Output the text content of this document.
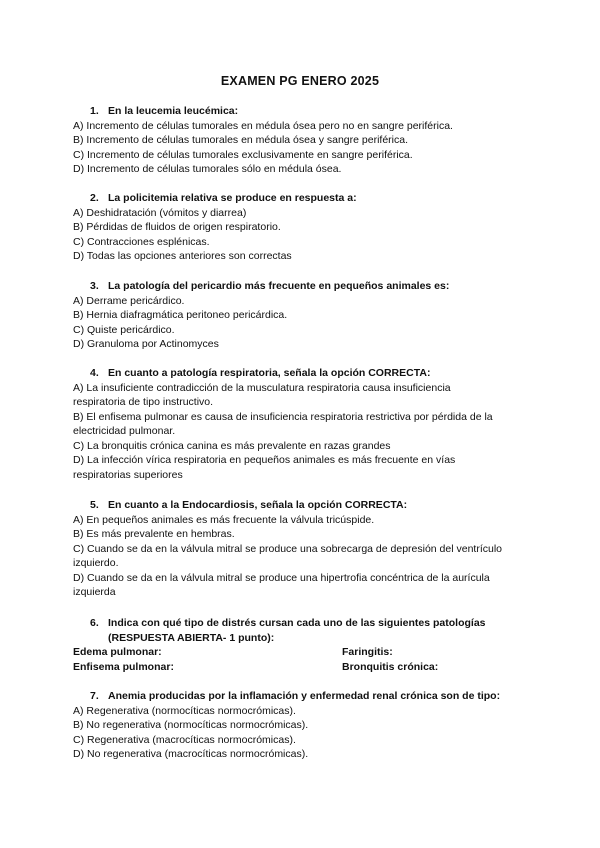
EXAMEN PG ENERO 2025
1. En la leucemia leucémica:
A) Incremento de células tumorales en médula ósea pero no en sangre periférica.
B) Incremento de células tumorales en médula ósea y sangre periférica.
C) Incremento de células tumorales exclusivamente en sangre periférica.
D) Incremento de células tumorales sólo en médula ósea.
2. La policitemia relativa se produce en respuesta a:
A) Deshidratación (vómitos y diarrea)
B) Pérdidas de fluidos de origen respiratorio.
C) Contracciones esplénicas.
D) Todas las opciones anteriores son correctas
3. La patología del pericardio más frecuente en pequeños animales es:
A) Derrame pericárdico.
B) Hernia diafragmática peritoneo pericárdica.
C) Quiste pericárdico.
D) Granuloma por Actinomyces
4. En cuanto a patología respiratoria, señala la opción CORRECTA:
A) La insuficiente contradicción de la musculatura respiratoria causa insuficiencia
respiratoria de tipo instructivo.
B) El enfisema pulmonar es causa de insuficiencia respiratoria restrictiva por pérdida de la
electricidad pulmonar.
C) La bronquitis crónica canina es más prevalente en razas grandes
D) La infección vírica respiratoria en pequeños animales es más frecuente en vías
respiratorias superiores
5. En cuanto a la Endocardiosis, señala la opción CORRECTA:
A) En pequeños animales es más frecuente la válvula tricúspide.
B) Es más prevalente en hembras.
C) Cuando se da en la válvula mitral se produce una sobrecarga de depresión del ventrículo
izquierdo.
D) Cuando se da en la válvula mitral se produce una hipertrofia concéntrica de la aurícula
izquierda
6. Indica con qué tipo de distrés cursan cada uno de las siguientes patologías
(RESPUESTA ABIERTA- 1 punto):
Edema pulmonar:	Faringitis:
Enfisema pulmonar:	Bronquitis crónica:
7. Anemia producidas por la inflamación y enfermedad renal crónica son de tipo:
A) Regenerativa (normocíticas normocrómicas).
B) No regenerativa (normocíticas normocrómicas).
C) Regenerativa (macrocíticas normocrómicas).
D) No regenerativa (macrocíticas normocrómicas).
